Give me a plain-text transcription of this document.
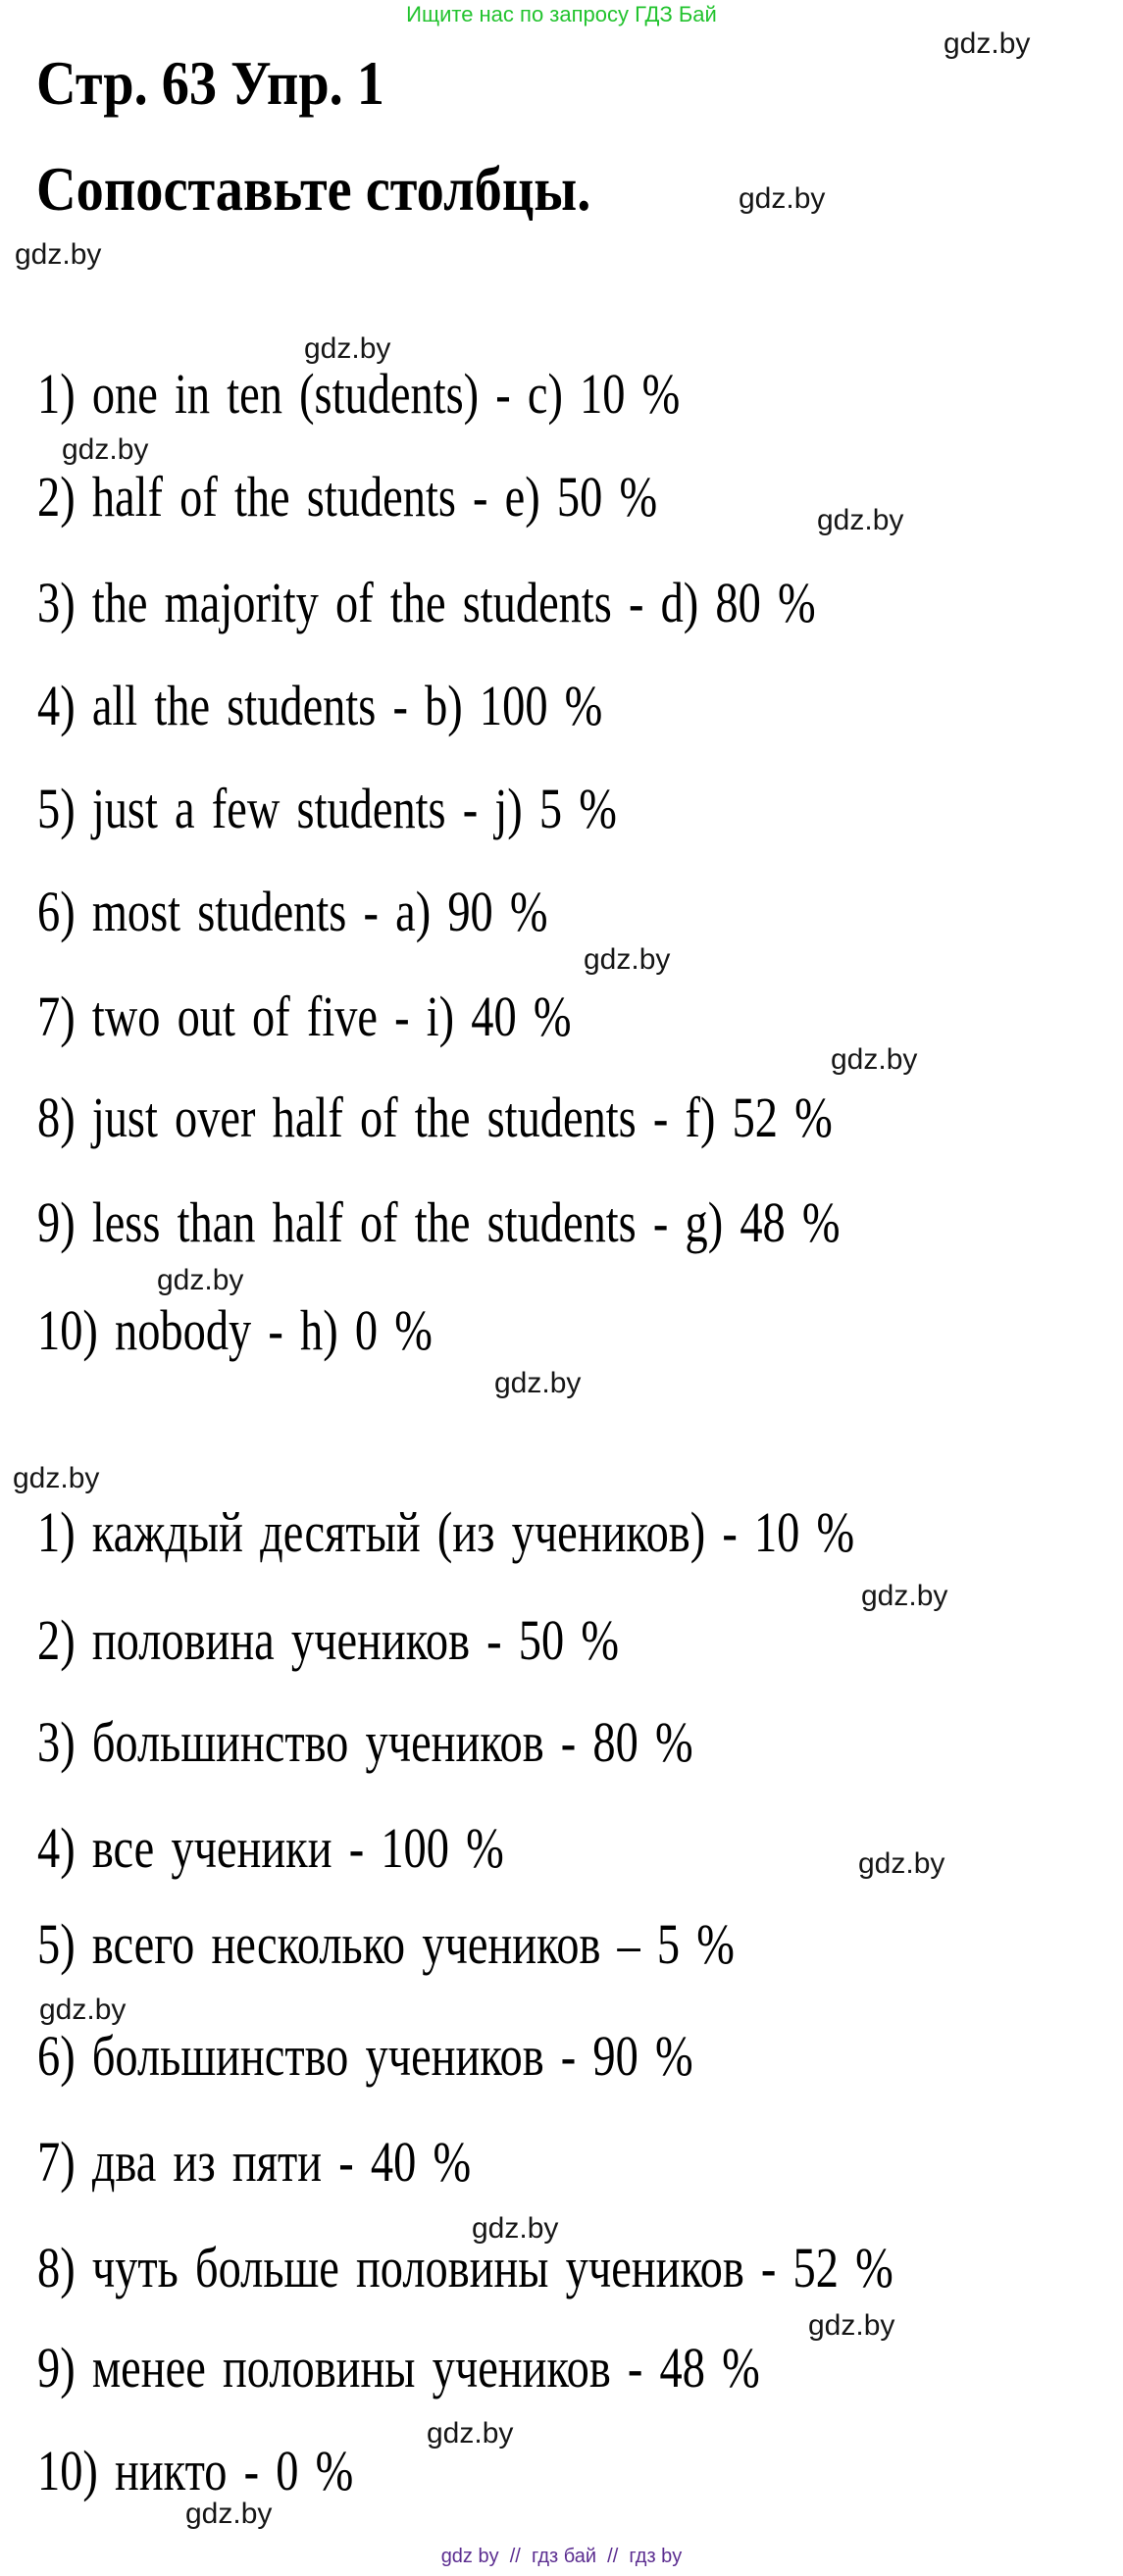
Ищите нас по запросу ГДЗ Бай
gdz.by
Стр. 63 Упр. 1
Сопоставьте столбцы.	gdz.by
gdz.by
gdz.by
1) one in ten (students) - c) 10 %
gdz.by
2) half of the students - e) 50 %	gdz.by
3) the majority of the students - d) 80 %
4) all the students - b) 100 %
5) just a few students - j) 5 %
6) most students - a) 90 %
gdz.by
7) two out of five - i) 40 %
gdz.by
8) just over half of the students - f) 52 %
9) less than half of the students - g) 48 %
gdz.by
10) nobody - h) 0 %
gdz.by
gdz.by
1) каждый десятый (из учеников) - 10 %
gdz.by
2) половина учеников - 50 %
3) большинство учеников - 80 %
4) все ученики - 100 %	gdz.by
5) всего несколько учеников – 5 %
gdz.by
6) большинство учеников - 90 %
7) два из пяти - 40 %
gdz.by
8) чуть больше половины учеников - 52 %
gdz.by
9) менее половины учеников - 48 %
gdz.by
10) никто - 0 %
gdz.by
gdz by  //  гдз бай  //  гдз by
